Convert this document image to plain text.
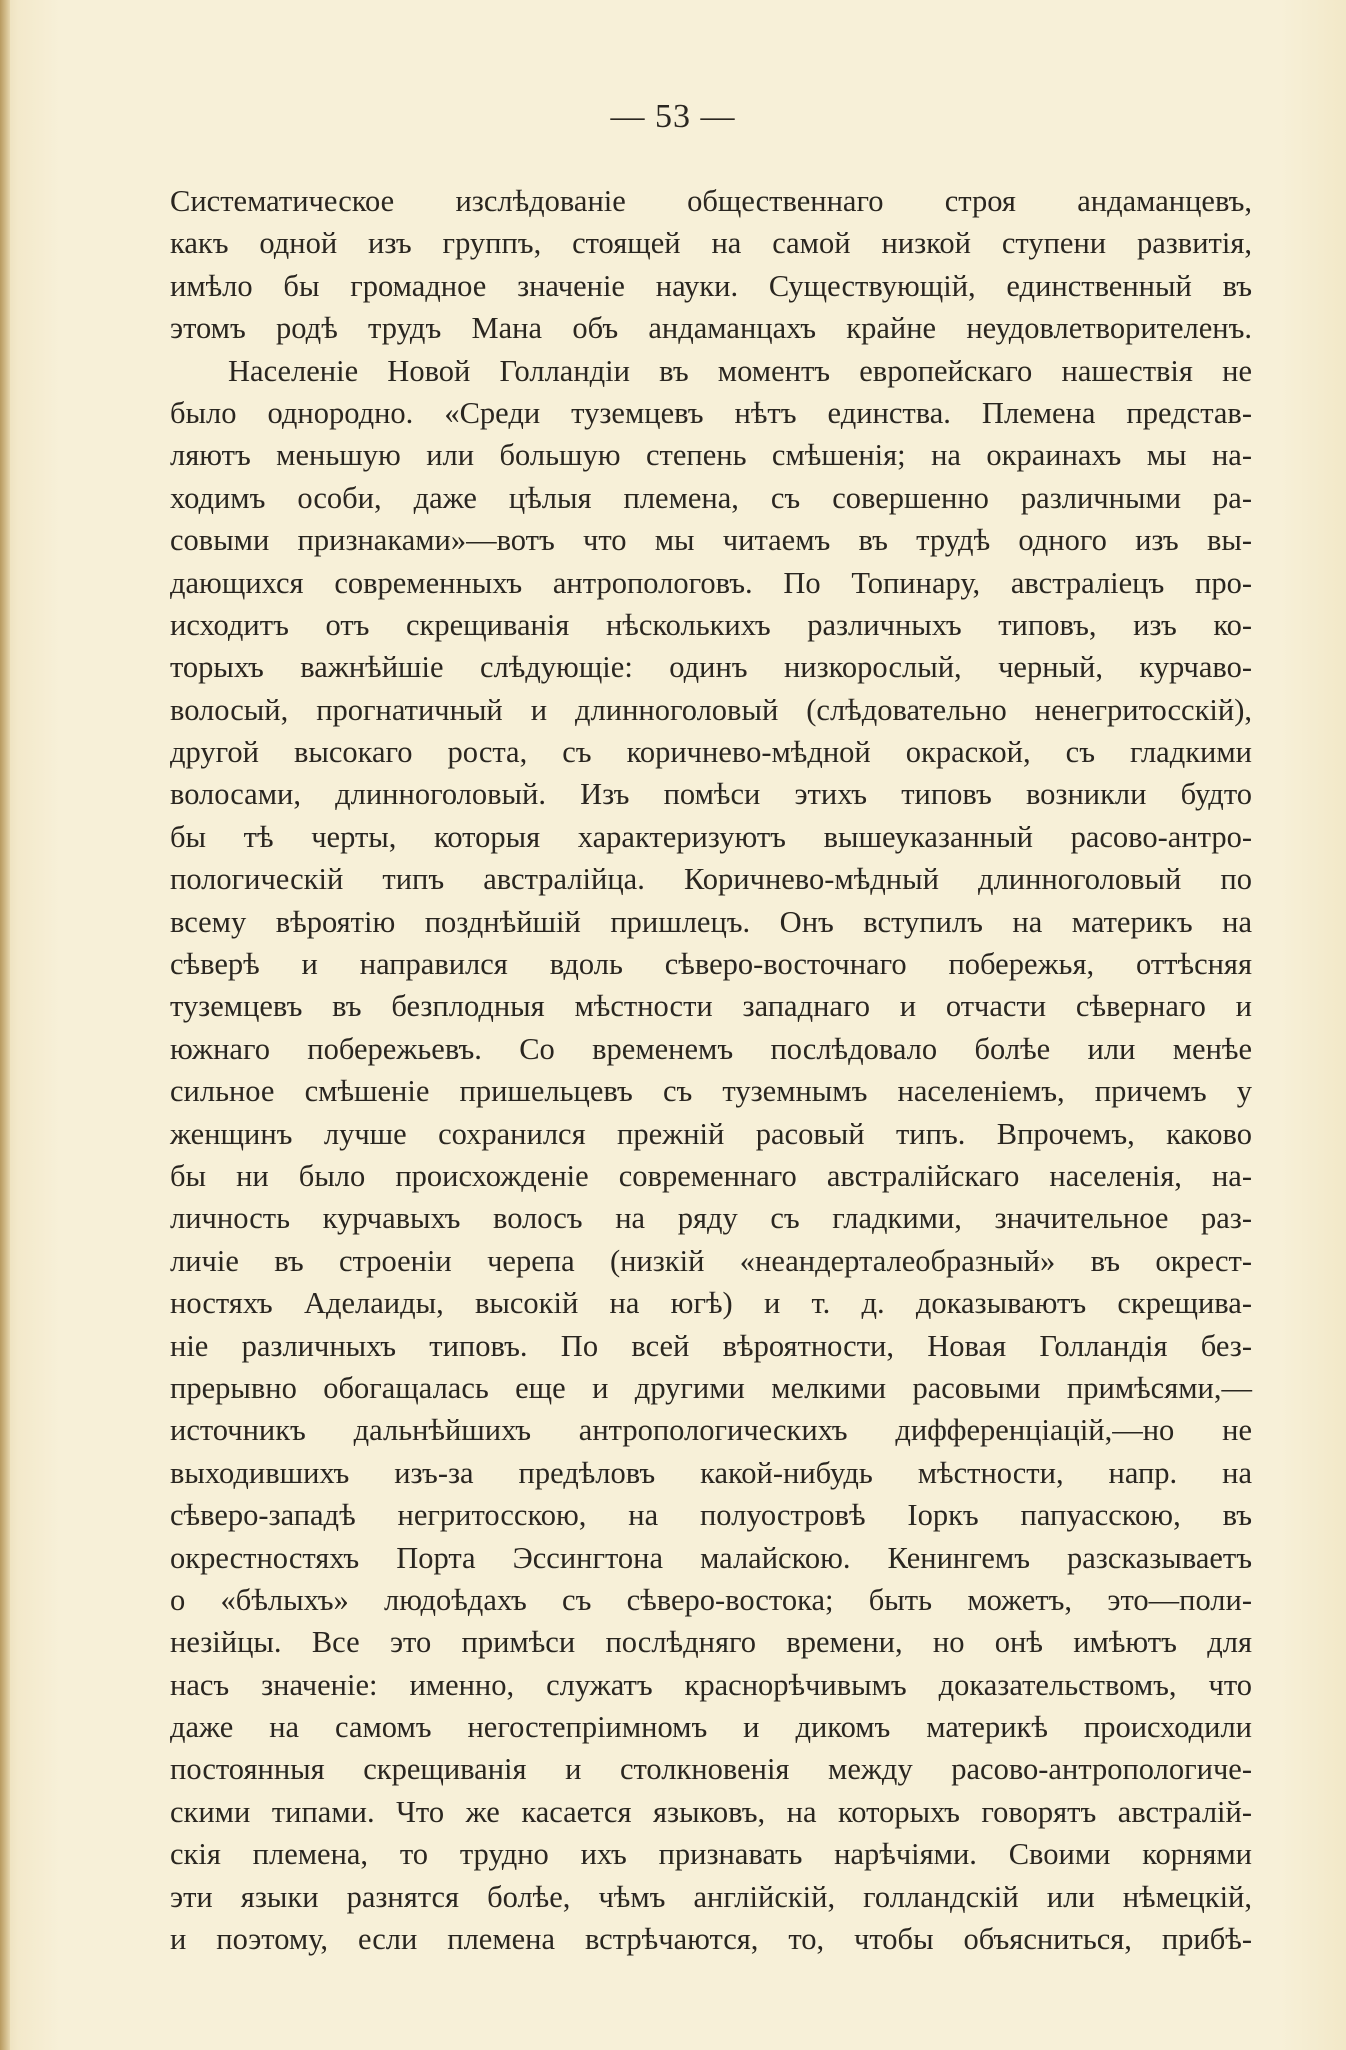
— 53 —
Систематическое изслѣдованіе общественнаго строя андаманцевъ,
какъ одной изъ группъ, стоящей на самой низкой ступени развитія,
имѣло бы громадное значеніе науки. Существующій, единственный въ
этомъ родѣ трудъ Мана объ андаманцахъ крайне неудовлетворителенъ.
Населеніе Новой Голландіи въ моментъ европейскаго нашествія не
было однородно. «Среди туземцевъ нѣтъ единства. Племена представ-
ляютъ меньшую или большую степень смѣшенія; на окраинахъ мы на-
ходимъ особи, даже цѣлыя племена, съ совершенно различными ра-
совыми признаками»—вотъ что мы читаемъ въ трудѣ одного изъ вы-
дающихся современныхъ антропологовъ. По Топинару, австраліецъ про-
исходитъ отъ скрещиванія нѣсколькихъ различныхъ типовъ, изъ ко-
торыхъ важнѣйшіе слѣдующіе: одинъ низкорослый, черный, курчаво-
волосый, прогнатичный и длинноголовый (слѣдовательно ненегритосскій),
другой высокаго роста, съ коричнево-мѣдной окраской, съ гладкими
волосами, длинноголовый. Изъ помѣси этихъ типовъ возникли будто
бы тѣ черты, которыя характеризуютъ вышеуказанный расово-антро-
пологическій типъ австралійца. Коричнево-мѣдный длинноголовый по
всему вѣроятію позднѣйшій пришлецъ. Онъ вступилъ на материкъ на
сѣверѣ и направился вдоль сѣверо-восточнаго побережья, оттѣсняя
туземцевъ въ безплодныя мѣстности западнаго и отчасти сѣвернаго и
южнаго побережьевъ. Со временемъ послѣдовало болѣе или менѣе
сильное смѣшеніе пришельцевъ съ туземнымъ населеніемъ, причемъ у
женщинъ лучше сохранился прежній расовый типъ. Впрочемъ, каково
бы ни было происхожденіе современнаго австралійскаго населенія, на-
личность курчавыхъ волосъ на ряду съ гладкими, значительное раз-
личіе въ строеніи черепа (низкій «неандерталеобразный» въ окрест-
ностяхъ Аделаиды, высокій на югѣ) и т. д. доказываютъ скрещива-
ніе различныхъ типовъ. По всей вѣроятности, Новая Голландія без-
прерывно обогащалась еще и другими мелкими расовыми примѣсями,—
источникъ дальнѣйшихъ антропологическихъ дифференціацій,—но не
выходившихъ изъ-за предѣловъ какой-нибудь мѣстности, напр. на
сѣверо-западѣ негритосскою, на полуостровѣ Іоркъ папуасскою, въ
окрестностяхъ Порта Эссингтона малайскою. Кенингемъ разсказываетъ
о «бѣлыхъ» людоѣдахъ съ сѣверо-востока; быть можетъ, это—поли-
незійцы. Все это примѣси послѣдняго времени, но онѣ имѣютъ для
насъ значеніе: именно, служатъ краснорѣчивымъ доказательствомъ, что
даже на самомъ негостепріимномъ и дикомъ материкѣ происходили
постоянныя скрещиванія и столкновенія между расово-антропологиче-
скими типами. Что же касается языковъ, на которыхъ говорятъ австралій-
скія племена, то трудно ихъ признавать нарѣчіями. Своими корнями
эти языки разнятся болѣе, чѣмъ англійскій, голландскій или нѣмецкій,
и поэтому, если племена встрѣчаются, то, чтобы объясниться, прибѣ-
